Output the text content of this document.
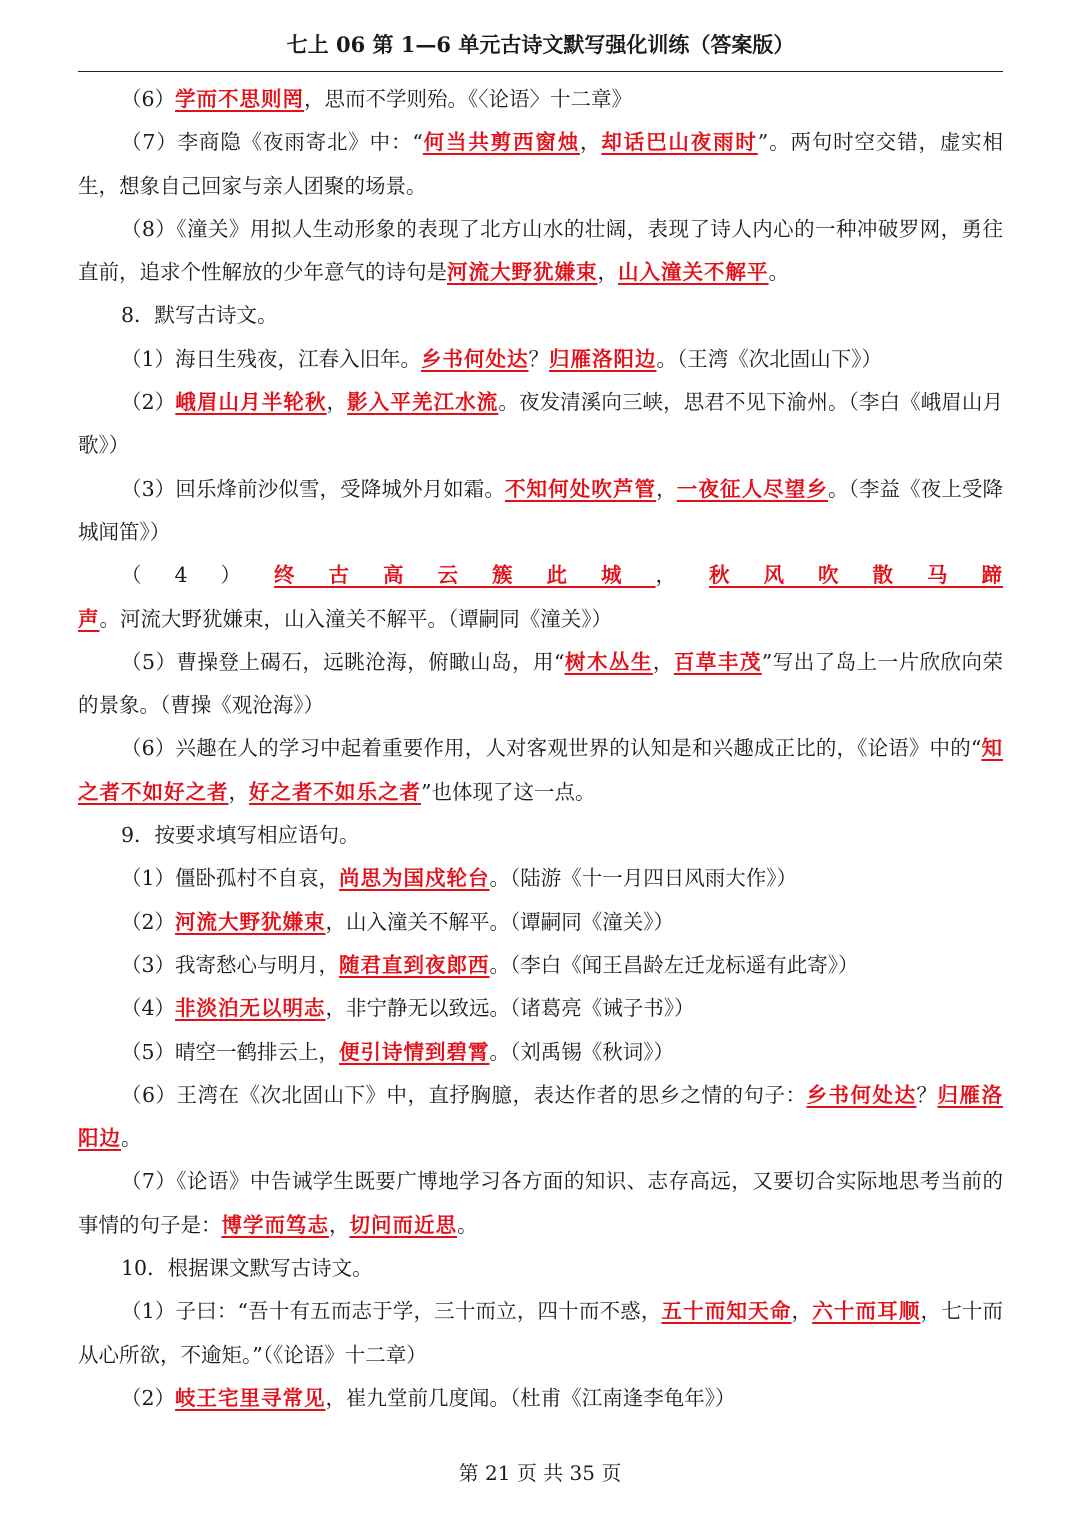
七上 06 第 1—6 单元古诗文默写强化训练（答案版）

（6）学而不思则罔，思而不学则殆。《〈论语〉十二章》

（7）李商隐《夜雨寄北》中：“何当共剪西窗烛，却话巴山夜雨时”。两句时空交错，虚实相生，想象自己回家与亲人团聚的场景。

（8）《潼关》用拟人生动形象的表现了北方山水的壮阔，表现了诗人内心的一种冲破罗网，勇往直前，追求个性解放的少年意气的诗句是河流大野犹嫌束，山入潼关不解平。

8．默写古诗文。

（1）海日生残夜，江春入旧年。乡书何处达？归雁洛阳边。（王湾《次北固山下》）

（2）峨眉山月半轮秋，影入平羌江水流。夜发清溪向三峡，思君不见下渝州。（李白《峨眉山月歌》）

（3）回乐烽前沙似雪，受降城外月如霜。不知何处吹芦管，一夜征人尽望乡。（李益《夜上受降城闻笛》）

（4）终古高云簇此城，秋风吹散马蹄声。河流大野犹嫌束，山入潼关不解平。（谭嗣同《潼关》）

（5）曹操登上碣石，远眺沧海，俯瞰山岛，用“树木丛生，百草丰茂”写出了岛上一片欣欣向荣的景象。（曹操《观沧海》）

（6）兴趣在人的学习中起着重要作用，人对客观世界的认知是和兴趣成正比的，《论语》中的“知之者不如好之者，好之者不如乐之者”也体现了这一点。

9．按要求填写相应语句。

（1）僵卧孤村不自哀，尚思为国戍轮台。（陆游《十一月四日风雨大作》）

（2）河流大野犹嫌束，山入潼关不解平。（谭嗣同《潼关》）

（3）我寄愁心与明月，随君直到夜郎西。（李白《闻王昌龄左迁龙标遥有此寄》）

（4）非淡泊无以明志，非宁静无以致远。（诸葛亮《诫子书》）

（5）晴空一鹤排云上，便引诗情到碧霄。（刘禹锡《秋词》）

（6）王湾在《次北固山下》中，直抒胸臆，表达作者的思乡之情的句子：乡书何处达？归雁洛阳边。

（7）《论语》中告诫学生既要广博地学习各方面的知识、志存高远，又要切合实际地思考当前的事情的句子是：博学而笃志，切问而近思。

10．根据课文默写古诗文。

（1）子曰：“吾十有五而志于学，三十而立，四十而不惑，五十而知天命，六十而耳顺，七十而从心所欲，不逾矩。”（《论语》十二章）

（2）岐王宅里寻常见，崔九堂前几度闻。（杜甫《江南逢李龟年》）

第 21 页 共 35 页
